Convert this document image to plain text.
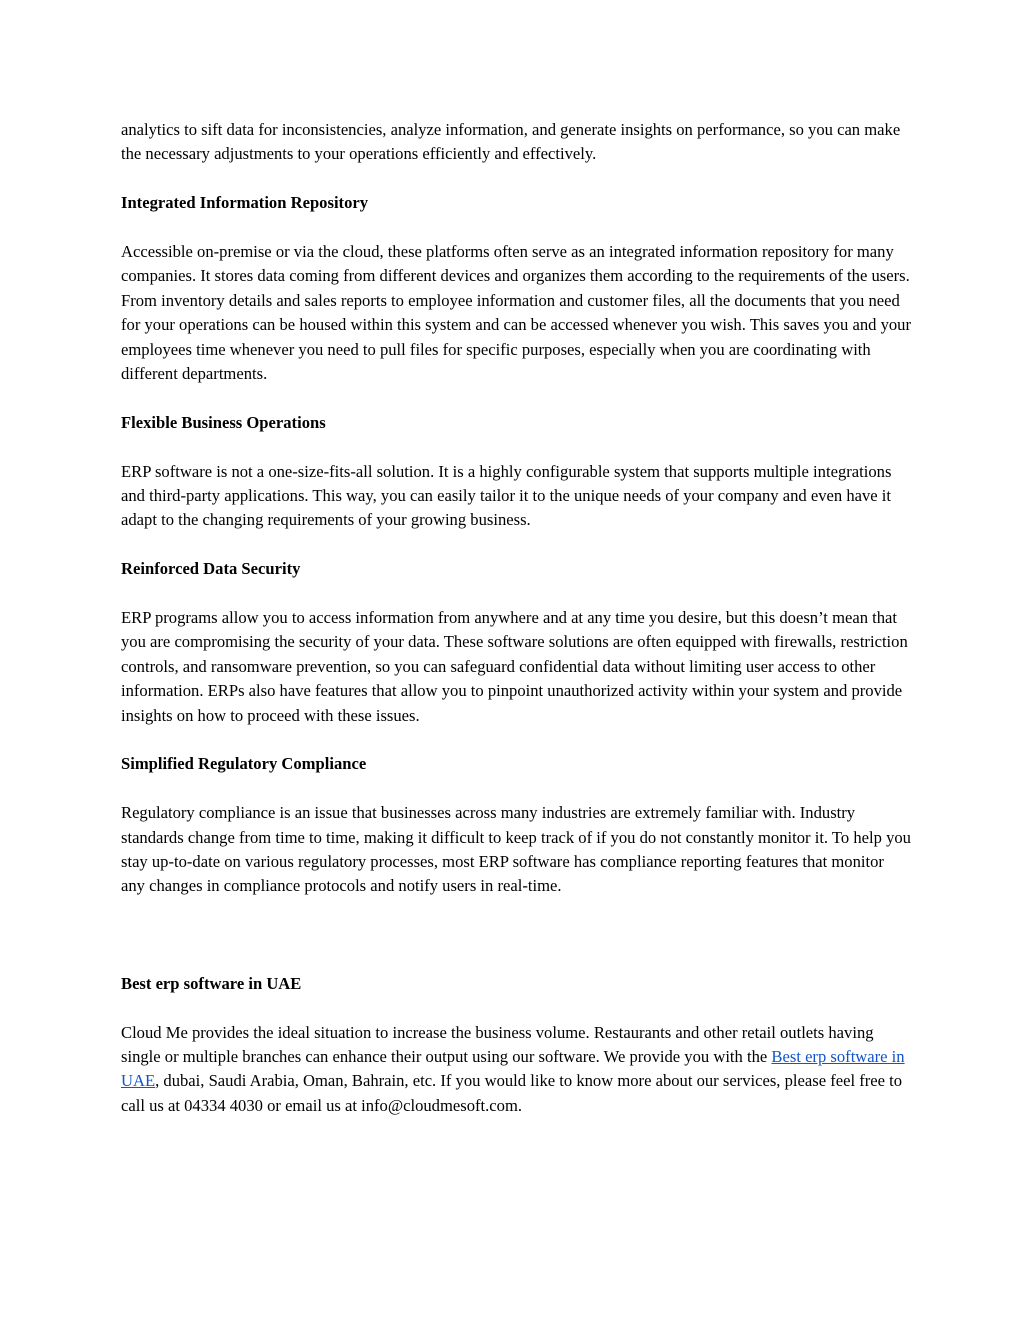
analytics to sift data for inconsistencies, analyze information, and generate insights on performance, so you can make the necessary adjustments to your operations efficiently and effectively.

Integrated Information Repository

Accessible on-premise or via the cloud, these platforms often serve as an integrated information repository for many companies. It stores data coming from different devices and organizes them according to the requirements of the users. From inventory details and sales reports to employee information and customer files, all the documents that you need for your operations can be housed within this system and can be accessed whenever you wish. This saves you and your employees time whenever you need to pull files for specific purposes, especially when you are coordinating with different departments.

Flexible Business Operations

ERP software is not a one-size-fits-all solution. It is a highly configurable system that supports multiple integrations and third-party applications. This way, you can easily tailor it to the unique needs of your company and even have it adapt to the changing requirements of your growing business.

Reinforced Data Security

ERP programs allow you to access information from anywhere and at any time you desire, but this doesn’t mean that you are compromising the security of your data. These software solutions are often equipped with firewalls, restriction controls, and ransomware prevention, so you can safeguard confidential data without limiting user access to other information. ERPs also have features that allow you to pinpoint unauthorized activity within your system and provide insights on how to proceed with these issues.

Simplified Regulatory Compliance

Regulatory compliance is an issue that businesses across many industries are extremely familiar with. Industry standards change from time to time, making it difficult to keep track of if you do not constantly monitor it. To help you stay up-to-date on various regulatory processes, most ERP software has compliance reporting features that monitor any changes in compliance protocols and notify users in real-time.

Best erp software in UAE

Cloud Me provides the ideal situation to increase the business volume. Restaurants and other retail outlets having single or multiple branches can enhance their output using our software. We provide you with the Best erp software in UAE, dubai, Saudi Arabia, Oman, Bahrain, etc. If you would like to know more about our services, please feel free to call us at 04334 4030 or email us at info@cloudmesoft.com.
